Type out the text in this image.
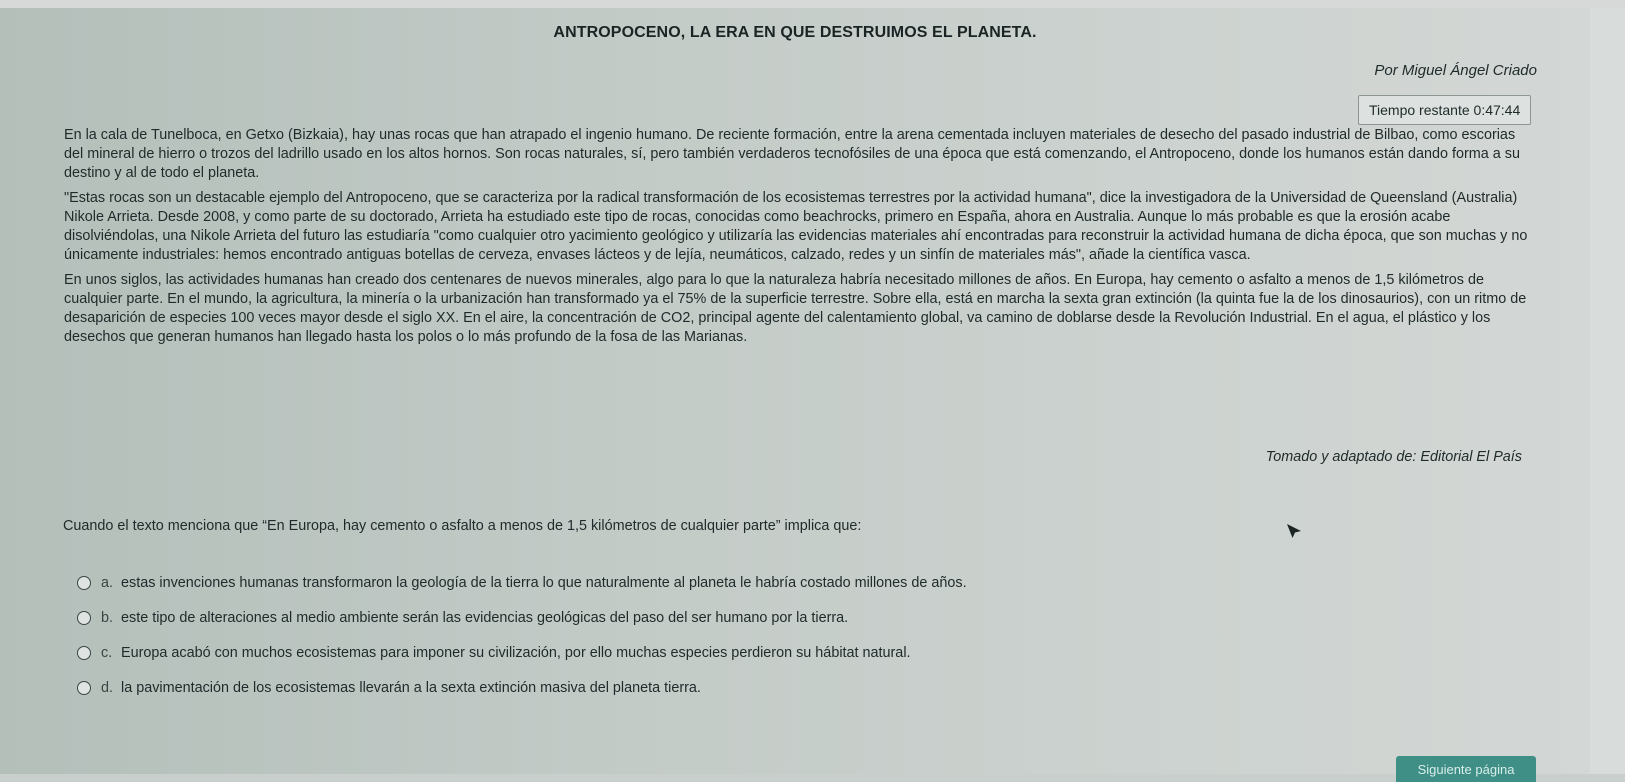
ANTROPOCENO, LA ERA EN QUE DESTRUIMOS EL PLANETA.
Por Miguel Ángel Criado
Tiempo restante 0:47:44

En la cala de Tunelboca, en Getxo (Bizkaia), hay unas rocas que han atrapado el ingenio humano. De reciente formación, entre la arena cementada incluyen materiales de desecho del pasado industrial de Bilbao, como escorias del mineral de hierro o trozos del ladrillo usado en los altos hornos. Son rocas naturales, sí, pero también verdaderos tecnofósiles de una época que está comenzando, el Antropoceno, donde los humanos están dando forma a su destino y al de todo el planeta.

"Estas rocas son un destacable ejemplo del Antropoceno, que se caracteriza por la radical transformación de los ecosistemas terrestres por la actividad humana", dice la investigadora de la Universidad de Queensland (Australia) Nikole Arrieta. Desde 2008, y como parte de su doctorado, Arrieta ha estudiado este tipo de rocas, conocidas como beachrocks, primero en España, ahora en Australia. Aunque lo más probable es que la erosión acabe disolviéndolas, una Nikole Arrieta del futuro las estudiaría "como cualquier otro yacimiento geológico y utilizaría las evidencias materiales ahí encontradas para reconstruir la actividad humana de dicha época, que son muchas y no únicamente industriales: hemos encontrado antiguas botellas de cerveza, envases lácteos y de lejía, neumáticos, calzado, redes y un sinfín de materiales más", añade la científica vasca.

En unos siglos, las actividades humanas han creado dos centenares de nuevos minerales, algo para lo que la naturaleza habría necesitado millones de años. En Europa, hay cemento o asfalto a menos de 1,5 kilómetros de cualquier parte. En el mundo, la agricultura, la minería o la urbanización han transformado ya el 75% de la superficie terrestre. Sobre ella, está en marcha la sexta gran extinción (la quinta fue la de los dinosaurios), con un ritmo de desaparición de especies 100 veces mayor desde el siglo XX. En el aire, la concentración de CO2, principal agente del calentamiento global, va camino de doblarse desde la Revolución Industrial. En el agua, el plástico y los desechos que generan humanos han llegado hasta los polos o lo más profundo de la fosa de las Marianas.

Tomado y adaptado de: Editorial El País
Cuando el texto menciona que “En Europa, hay cemento o asfalto a menos de 1,5 kilómetros de cualquier parte” implica que:
a. estas invenciones humanas transformaron la geología de la tierra lo que naturalmente al planeta le habría costado millones de años.
b. este tipo de alteraciones al medio ambiente serán las evidencias geológicas del paso del ser humano por la tierra.
c. Europa acabó con muchos ecosistemas para imponer su civilización, por ello muchas especies perdieron su hábitat natural.
d. la pavimentación de los ecosistemas llevarán a la sexta extinción masiva del planeta tierra.
Siguiente página
